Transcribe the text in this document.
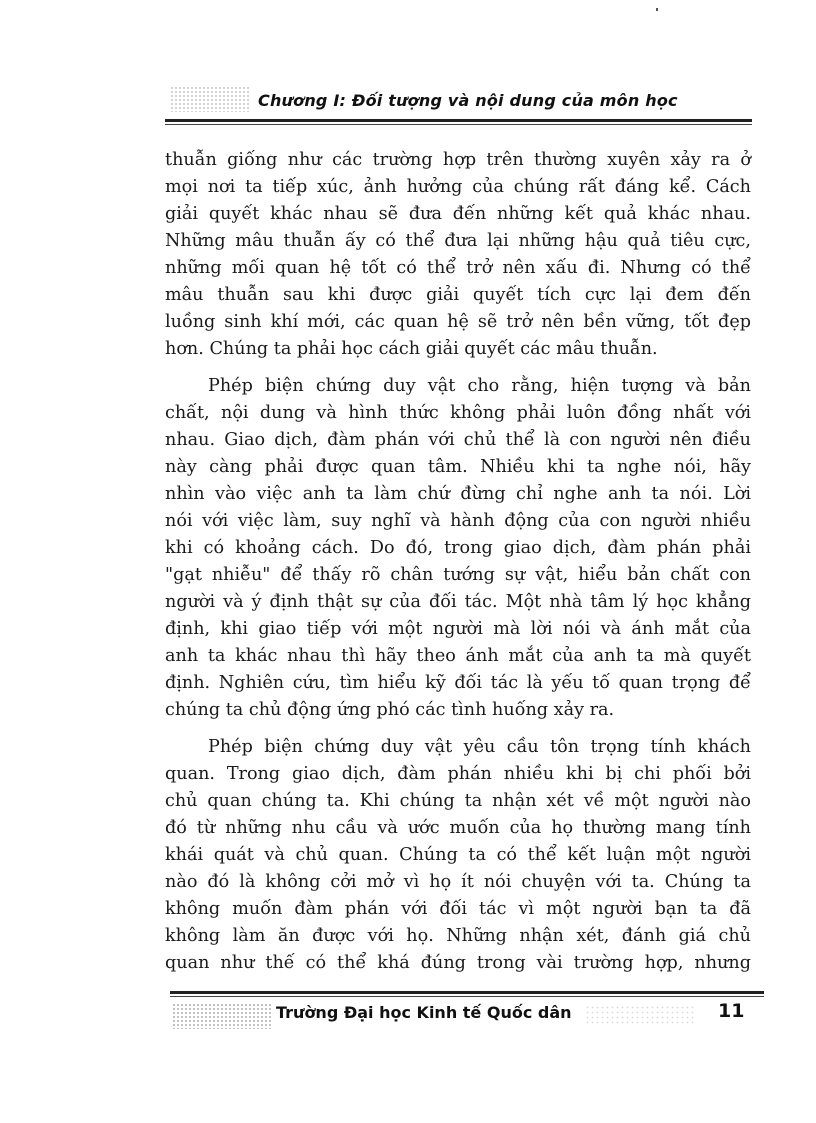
Chương I: Đối tượng và nội dung của môn học

thuẫn giống như các trường hợp trên thường xuyên xảy ra ở
mọi nơi ta tiếp xúc, ảnh hưởng của chúng rất đáng kể. Cách
giải quyết khác nhau sẽ đưa đến những kết quả khác nhau.
Những mâu thuẫn ấy có thể đưa lại những hậu quả tiêu cực,
những mối quan hệ tốt có thể trở nên xấu đi. Nhưng có thể
mâu thuẫn sau khi được giải quyết tích cực lại đem đến
luồng sinh khí mới, các quan hệ sẽ trở nên bền vững, tốt đẹp
hơn. Chúng ta phải học cách giải quyết các mâu thuẫn.

Phép biện chứng duy vật cho rằng, hiện tượng và bản
chất, nội dung và hình thức không phải luôn đồng nhất với
nhau. Giao dịch, đàm phán với chủ thể là con người nên điều
này càng phải được quan tâm. Nhiều khi ta nghe nói, hãy
nhìn vào việc anh ta làm chứ đừng chỉ nghe anh ta nói. Lời
nói với việc làm, suy nghĩ và hành động của con người nhiều
khi có khoảng cách. Do đó, trong giao dịch, đàm phán phải
"gạt nhiễu" để thấy rõ chân tướng sự vật, hiểu bản chất con
người và ý định thật sự của đối tác. Một nhà tâm lý học khẳng
định, khi giao tiếp với một người mà lời nói và ánh mắt của
anh ta khác nhau thì hãy theo ánh mắt của anh ta mà quyết
định. Nghiên cứu, tìm hiểu kỹ đối tác là yếu tố quan trọng để
chúng ta chủ động ứng phó các tình huống xảy ra.

Phép biện chứng duy vật yêu cầu tôn trọng tính khách
quan. Trong giao dịch, đàm phán nhiều khi bị chi phối bởi
chủ quan chúng ta. Khi chúng ta nhận xét về một người nào
đó từ những nhu cầu và ước muốn của họ thường mang tính
khái quát và chủ quan. Chúng ta có thể kết luận một người
nào đó là không cởi mở vì họ ít nói chuyện với ta. Chúng ta
không muốn đàm phán với đối tác vì một người bạn ta đã
không làm ăn được với họ. Những nhận xét, đánh giá chủ
quan như thế có thể khá đúng trong vài trường hợp, nhưng

Trường Đại học Kinh tế Quốc dân	11
